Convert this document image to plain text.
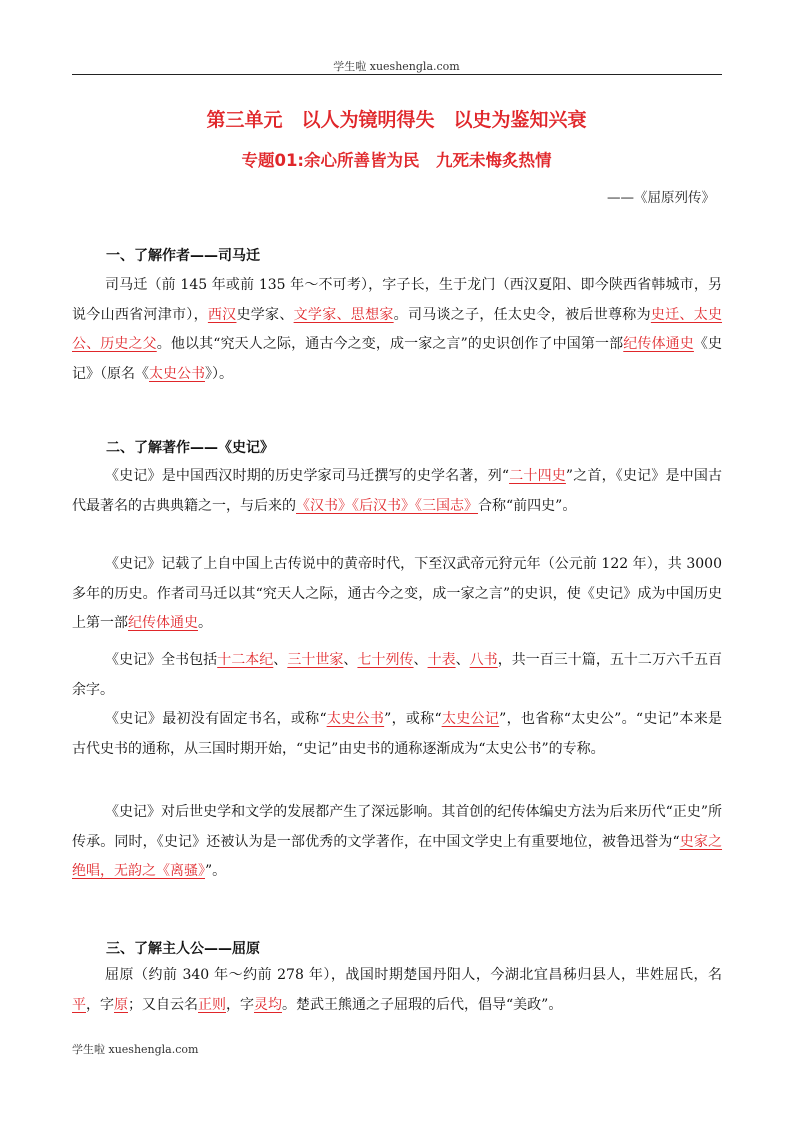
学生啦 xueshengla.com
第三单元　以人为镜明得失　以史为鉴知兴衰
专题01:余心所善皆为民　九死未悔炙热情
——《屈原列传》
一、了解作者——司马迁

司马迁（前 145 年或前 135 年～不可考），字子长，生于龙门（西汉夏阳、即今陕西省韩城市，另说今山西省河津市），西汉史学家、文学家、思想家。司马谈之子，任太史令，被后世尊称为史迁、太史公、历史之父。他以其“究天人之际，通古今之变，成一家之言”的史识创作了中国第一部纪传体通史《史记》（原名《太史公书》）。

二、了解著作——《史记》

《史记》是中国西汉时期的历史学家司马迁撰写的史学名著，列“二十四史”之首，《史记》是中国古代最著名的古典典籍之一，与后来的《汉书》《后汉书》《三国志》合称“前四史”。

《史记》记载了上自中国上古传说中的黄帝时代，下至汉武帝元狩元年（公元前 122 年），共 3000 多年的历史。作者司马迁以其“究天人之际，通古今之变，成一家之言”的史识，使《史记》成为中国历史上第一部纪传体通史。

《史记》全书包括十二本纪、三十世家、七十列传、十表、八书，共一百三十篇，五十二万六千五百余字。

《史记》最初没有固定书名，或称“太史公书”，或称“太史公记”，也省称“太史公”。“史记”本来是古代史书的通称，从三国时期开始，“史记”由史书的通称逐渐成为“太史公书”的专称。

《史记》对后世史学和文学的发展都产生了深远影响。其首创的纪传体编史方法为后来历代“正史”所传承。同时，《史记》还被认为是一部优秀的文学著作，在中国文学史上有重要地位，被鲁迅誉为“史家之绝唱，无韵之《离骚》”。

三、了解主人公——屈原

屈原（约前 340 年～约前 278 年），战国时期楚国丹阳人，今湖北宜昌秭归县人，芈姓屈氏，名平，字原；又自云名正则，字灵均。楚武王熊通之子屈瑕的后代，倡导“美政”。

学生啦 xueshengla.com
